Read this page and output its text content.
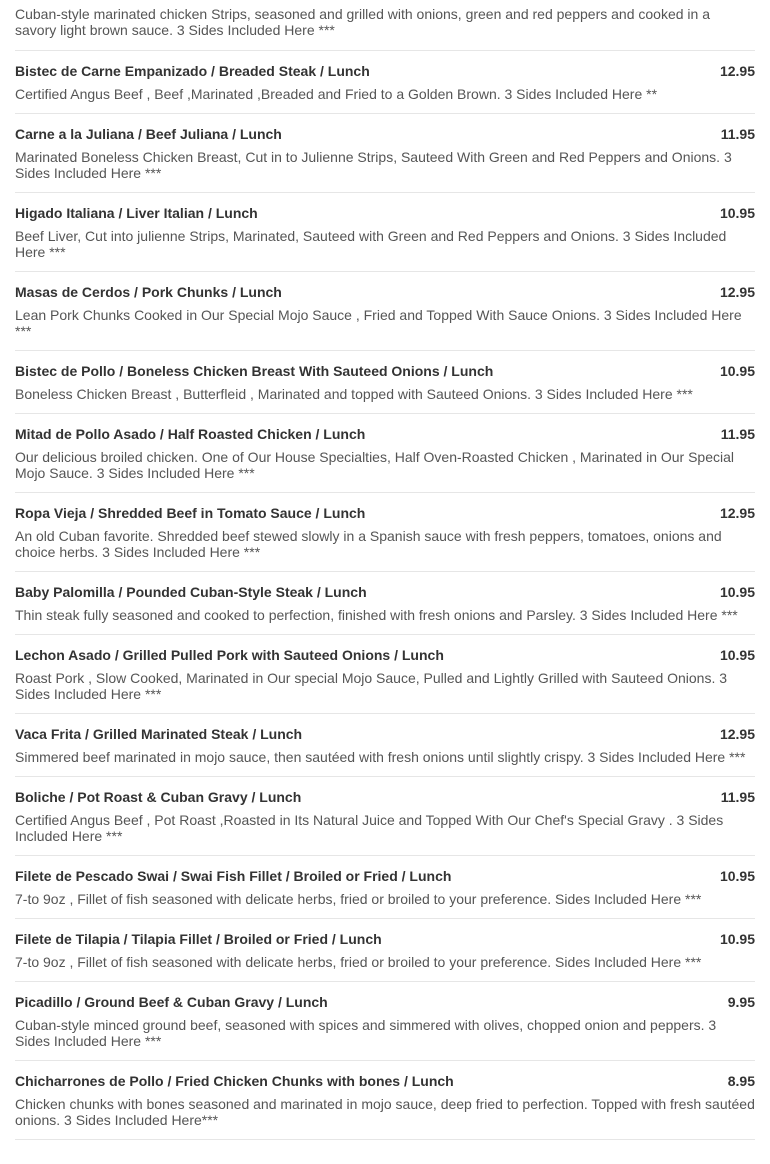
Cuban-style marinated chicken Strips, seasoned and grilled with onions, green and red peppers and cooked in a savory light brown sauce. 3 Sides Included Here ***
Bistec de Carne Empanizado / Breaded Steak / Lunch	12.95
Certified Angus Beef , Beef ,Marinated ,Breaded and Fried to a Golden Brown. 3 Sides Included Here **
Carne a la Juliana / Beef Juliana / Lunch	11.95
Marinated Boneless Chicken Breast, Cut in to Julienne Strips, Sauteed With Green and Red Peppers and Onions. 3 Sides Included Here ***
Higado Italiana / Liver Italian / Lunch	10.95
Beef Liver, Cut into julienne Strips, Marinated, Sauteed with Green and Red Peppers and Onions. 3 Sides Included Here ***
Masas de Cerdos / Pork Chunks / Lunch	12.95
Lean Pork Chunks Cooked in Our Special Mojo Sauce , Fried and Topped With Sauce Onions. 3 Sides Included Here ***
Bistec de Pollo / Boneless Chicken Breast With Sauteed Onions / Lunch	10.95
Boneless Chicken Breast , Butterfleid , Marinated and topped with Sauteed Onions. 3 Sides Included Here ***
Mitad de Pollo Asado / Half Roasted Chicken / Lunch	11.95
Our delicious broiled chicken. One of Our House Specialties, Half Oven-Roasted Chicken , Marinated in Our Special Mojo Sauce. 3 Sides Included Here ***
Ropa Vieja / Shredded Beef in Tomato Sauce / Lunch	12.95
An old Cuban favorite. Shredded beef stewed slowly in a Spanish sauce with fresh peppers, tomatoes, onions and choice herbs. 3 Sides Included Here ***
Baby Palomilla / Pounded Cuban-Style Steak / Lunch	10.95
Thin steak fully seasoned and cooked to perfection, finished with fresh onions and Parsley. 3 Sides Included Here ***
Lechon Asado / Grilled Pulled Pork with Sauteed Onions / Lunch	10.95
Roast Pork , Slow Cooked, Marinated in Our special Mojo Sauce, Pulled and Lightly Grilled with Sauteed Onions. 3 Sides Included Here ***
Vaca Frita / Grilled Marinated Steak / Lunch	12.95
Simmered beef marinated in mojo sauce, then sautéed with fresh onions until slightly crispy. 3 Sides Included Here ***
Boliche / Pot Roast & Cuban Gravy / Lunch	11.95
Certified Angus Beef , Pot Roast ,Roasted in Its Natural Juice and Topped With Our Chef's Special Gravy . 3 Sides Included Here ***
Filete de Pescado Swai / Swai Fish Fillet / Broiled or Fried / Lunch	10.95
7-to 9oz , Fillet of fish seasoned with delicate herbs, fried or broiled to your preference. Sides Included Here ***
Filete de Tilapia / Tilapia Fillet / Broiled or Fried / Lunch	10.95
7-to 9oz , Fillet of fish seasoned with delicate herbs, fried or broiled to your preference. Sides Included Here ***
Picadillo / Ground Beef & Cuban Gravy / Lunch	9.95
Cuban-style minced ground beef, seasoned with spices and simmered with olives, chopped onion and peppers. 3 Sides Included Here ***
Chicharrones de Pollo / Fried Chicken Chunks with bones / Lunch	8.95
Chicken chunks with bones seasoned and marinated in mojo sauce, deep fried to perfection. Topped with fresh sautéed onions. 3 Sides Included Here***
